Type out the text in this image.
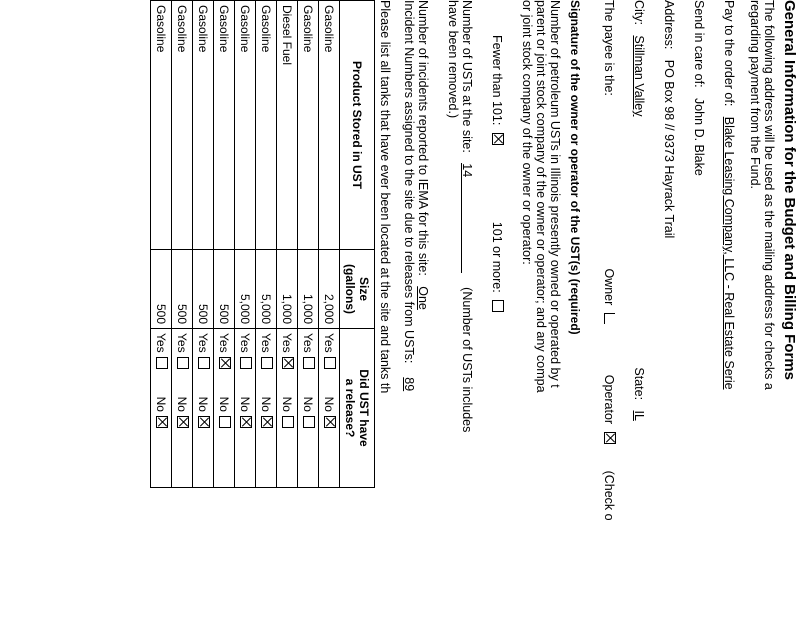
General Information for the Budget and Billing Forms
The following address will be used as the mailing address for checks a
regarding payment from the Fund.
Pay to the order of:   Blake Leasing Company, LLC - Real Estate Serie
Send in care of:   John D. Blake
Address:   PO Box 98 // 9373 Hayrack Trail
City:   Stillman Valley  State:   IL
The payee is the: Owner   Operator   (Check o
Signature of the owner or operator of the UST(s) (required)
Number of petroleum USTs in Illinois presently owned or operated by t
parent or joint stock company of the owner or operator; and any compa
or joint stock company of the owner or operator:
Fewer than 101:   101 or more:
Number of USTs at the site:   14    (Number of USTs includes
have been removed.)
Number of incidents reported to IEMA for this site:   One
Incident Numbers assigned to the site due to releases from USTs:    89
Please list all tanks that have ever been located at the site and tanks th
Product Stored in UST	Size
(gallons)	Did UST have
a release?
Gasoline	2,000	YesNo
Gasoline	1,000	YesNo
Diesel Fuel	1,000	YesNo
Gasoline	5,000	YesNo
Gasoline	5,000	YesNo
Gasoline	500	YesNo
Gasoline	500	YesNo
Gasoline	500	YesNo
Gasoline	500	YesNo
